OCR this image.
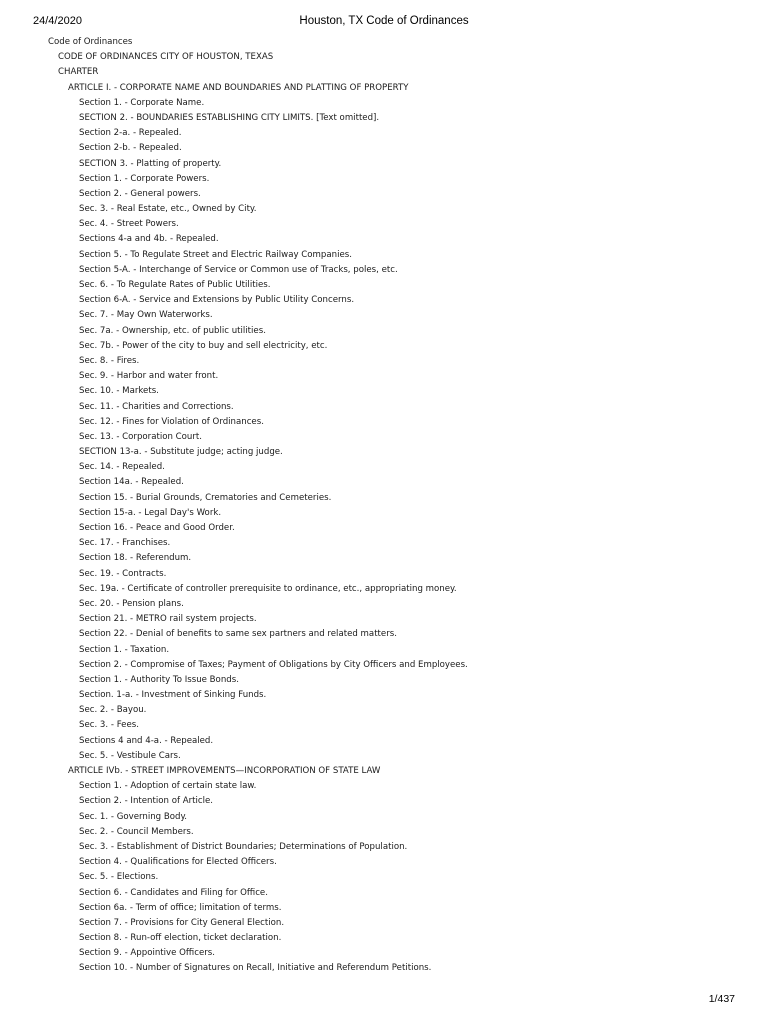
24/4/2020	Houston, TX Code of Ordinances
Code of Ordinances
CODE OF ORDINANCES CITY OF HOUSTON, TEXAS
CHARTER
ARTICLE I. - CORPORATE NAME AND BOUNDARIES AND PLATTING OF PROPERTY
Section 1. - Corporate Name.
SECTION 2. - BOUNDARIES ESTABLISHING CITY LIMITS. [Text omitted].
Section 2-a. - Repealed.
Section 2-b. - Repealed.
SECTION 3. - Platting of property.
Section 1. - Corporate Powers.
Section 2. - General powers.
Sec. 3. - Real Estate, etc., Owned by City.
Sec. 4. - Street Powers.
Sections 4-a and 4b. - Repealed.
Section 5. - To Regulate Street and Electric Railway Companies.
Section 5-A. - Interchange of Service or Common use of Tracks, poles, etc.
Sec. 6. - To Regulate Rates of Public Utilities.
Section 6-A. - Service and Extensions by Public Utility Concerns.
Sec. 7. - May Own Waterworks.
Sec. 7a. - Ownership, etc. of public utilities.
Sec. 7b. - Power of the city to buy and sell electricity, etc.
Sec. 8. - Fires.
Sec. 9. - Harbor and water front.
Sec. 10. - Markets.
Sec. 11. - Charities and Corrections.
Sec. 12. - Fines for Violation of Ordinances.
Sec. 13. - Corporation Court.
SECTION 13-a. - Substitute judge; acting judge.
Sec. 14. - Repealed.
Section 14a. - Repealed.
Section 15. - Burial Grounds, Crematories and Cemeteries.
Section 15-a. - Legal Day's Work.
Section 16. - Peace and Good Order.
Sec. 17. - Franchises.
Section 18. - Referendum.
Sec. 19. - Contracts.
Sec. 19a. - Certificate of controller prerequisite to ordinance, etc., appropriating money.
Sec. 20. - Pension plans.
Section 21. - METRO rail system projects.
Section 22. - Denial of benefits to same sex partners and related matters.
Section 1. - Taxation.
Section 2. - Compromise of Taxes; Payment of Obligations by City Officers and Employees.
Section 1. - Authority To Issue Bonds.
Section. 1-a. - Investment of Sinking Funds.
Sec. 2. - Bayou.
Sec. 3. - Fees.
Sections 4 and 4-a. - Repealed.
Sec. 5. - Vestibule Cars.
ARTICLE IVb. - STREET IMPROVEMENTS—INCORPORATION OF STATE LAW
Section 1. - Adoption of certain state law.
Section 2. - Intention of Article.
Sec. 1. - Governing Body.
Sec. 2. - Council Members.
Sec. 3. - Establishment of District Boundaries; Determinations of Population.
Section 4. - Qualifications for Elected Officers.
Sec. 5. - Elections.
Section 6. - Candidates and Filing for Office.
Section 6a. - Term of office; limitation of terms.
Section 7. - Provisions for City General Election.
Section 8. - Run-off election, ticket declaration.
Section 9. - Appointive Officers.
Section 10. - Number of Signatures on Recall, Initiative and Referendum Petitions.
1/437
